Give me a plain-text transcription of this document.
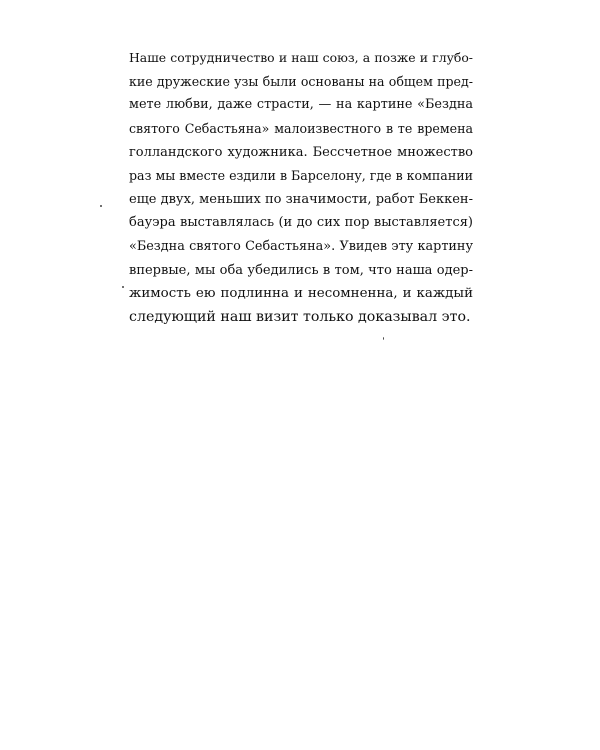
Наше сотрудничество и наш союз, а позже и глубо-
кие дружеские узы были основаны на общем пред-
мете любви, даже страсти, — на картине «Бездна
святого Себастьяна» малоизвестного в те времена
голландского художника. Бессчетное множество
раз мы вместе ездили в Барселону, где в компании
еще двух, меньших по значимости, работ Беккен-
бауэра выставлялась (и до сих пор выставляется)
«Бездна святого Себастьяна». Увидев эту картину
впервые, мы оба убедились в том, что наша одер-
жимость ею подлинна и несомненна, и каждый
следующий наш визит только доказывал это.
